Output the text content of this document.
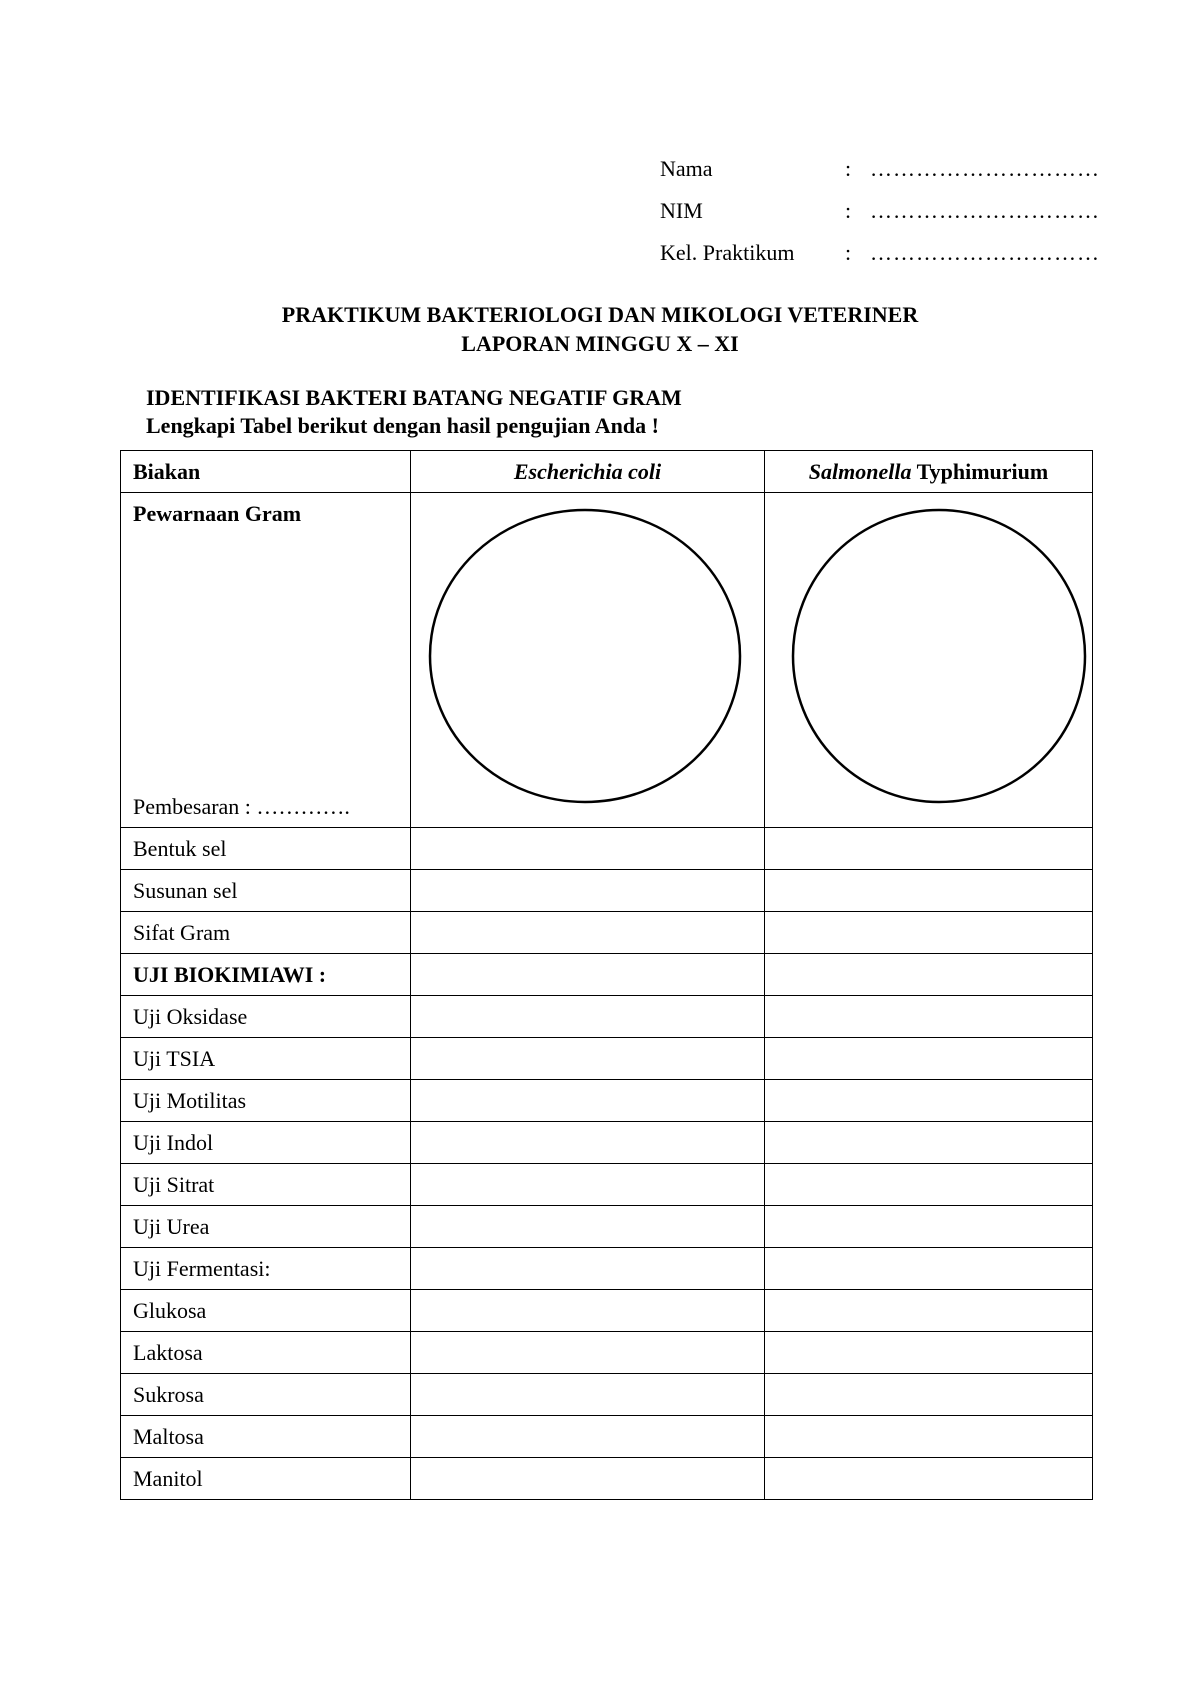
Nama	: …………………………
NIM	: …………………………
Kel. Praktikum	: …………………………
PRAKTIKUM BAKTERIOLOGI DAN MIKOLOGI VETERINER
LAPORAN MINGGU X – XI
IDENTIFIKASI BAKTERI BATANG NEGATIF GRAM
Lengkapi Tabel berikut dengan hasil pengujian Anda !
Biakan	Escherichia coli	Salmonella Typhimurium

Pewarnaan Gram
Pembesaran : ………….

Bentuk sel		
Susunan sel		
Sifat Gram		
UJI BIOKIMIAWI :		
Uji Oksidase		
Uji TSIA		
Uji Motilitas		
Uji Indol		
Uji Sitrat		
Uji Urea		
Uji Fermentasi:		
Glukosa		
Laktosa		
Sukrosa		
Maltosa		
Manitol		
